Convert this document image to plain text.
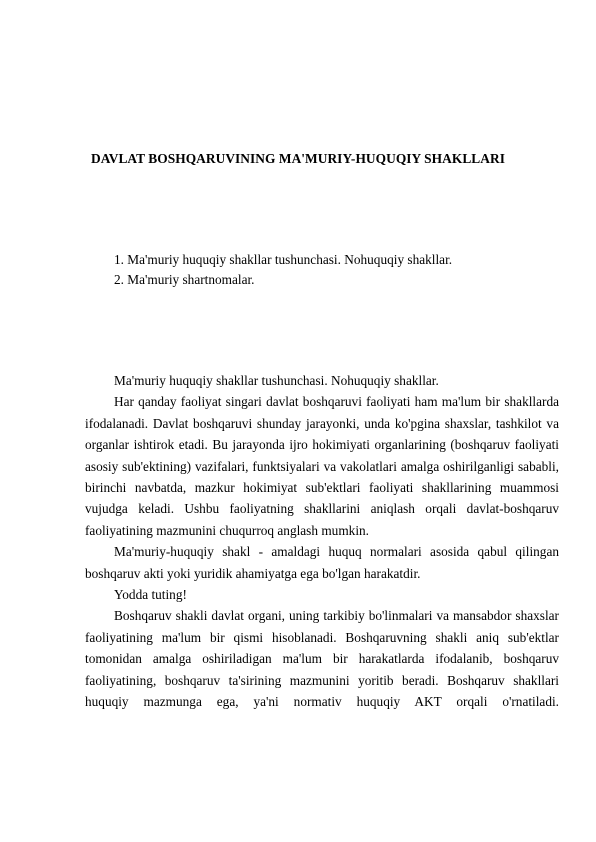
DAVLAT BOSHQARUVINING MA'MURIY-HUQUQIY SHAKLLARI
1. Ma'muriy huquqiy shakllar tushunchasi. Nohuquqiy shakllar.
2. Ma'muriy shartnomalar.

Ma'muriy huquqiy shakllar tushunchasi. Nohuquqiy shakllar.

Har qanday faoliyat singari davlat boshqaruvi faoliyati ham ma'lum bir shakllarda ifodalanadi. Davlat boshqaruvi shunday jarayonki, unda ko'pgina shaxslar, tashkilot va organlar ishtirok etadi. Bu jarayonda ijro hokimiyati organlarining (boshqaruv faoliyati asosiy sub'ektining) vazifalari, funktsiyalari va vakolatlari amalga oshirilganligi sababli, birinchi navbatda, mazkur hokimiyat sub'ektlari faoliyati shakllarining muammosi vujudga keladi. Ushbu faoliyatning shakllarini aniqlash orqali davlat-boshqaruv faoliyatining mazmunini chuqurroq anglash mumkin.

Ma'muriy-huquqiy shakl - amaldagi huquq normalari asosida qabul qilingan boshqaruv akti yoki yuridik ahamiyatga ega bo'lgan harakatdir.

Yodda tuting!

Boshqaruv shakli davlat organi, uning tarkibiy bo'linmalari va mansabdor shaxslar faoliyatining ma'lum bir qismi hisoblanadi. Boshqaruvning shakli aniq sub'ektlar tomonidan amalga oshiriladigan ma'lum bir harakatlarda ifodalanib, boshqaruv faoliyatining, boshqaruv ta'sirining mazmunini yoritib beradi. Boshqaruv shakllari huquqiy mazmunga ega, ya'ni normativ huquqiy AKT orqali o'rnatiladi.
